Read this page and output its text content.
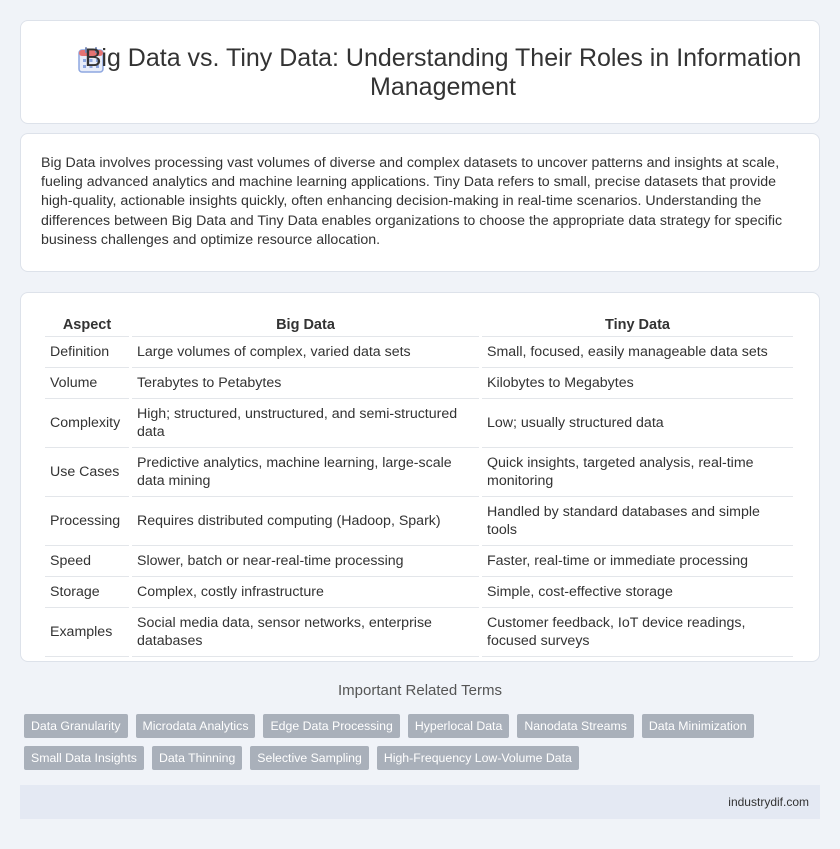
Big Data vs. Tiny Data: Understanding Their Roles in Information Management

Big Data involves processing vast volumes of diverse and complex datasets to uncover patterns and insights at scale, fueling advanced analytics and machine learning applications. Tiny Data refers to small, precise datasets that provide high-quality, actionable insights quickly, often enhancing decision-making in real-time scenarios. Understanding the differences between Big Data and Tiny Data enables organizations to choose the appropriate data strategy for specific business challenges and optimize resource allocation.

Aspect	Big Data	Tiny Data
Definition	Large volumes of complex, varied data sets	Small, focused, easily manageable data sets
Volume	Terabytes to Petabytes	Kilobytes to Megabytes
Complexity	High; structured, unstructured, and semi-structured data	Low; usually structured data
Use Cases	Predictive analytics, machine learning, large-scale data mining	Quick insights, targeted analysis, real-time monitoring
Processing	Requires distributed computing (Hadoop, Spark)	Handled by standard databases and simple tools
Speed	Slower, batch or near-real-time processing	Faster, real-time or immediate processing
Storage	Complex, costly infrastructure	Simple, cost-effective storage
Examples	Social media data, sensor networks, enterprise databases	Customer feedback, IoT device readings, focused surveys
Important Related Terms
Data Granularity	Microdata Analytics	Edge Data Processing	Hyperlocal Data	Nanodata Streams	Data Minimization
Small Data Insights	Data Thinning	Selective Sampling	High-Frequency Low-Volume Data
industrydif.com
